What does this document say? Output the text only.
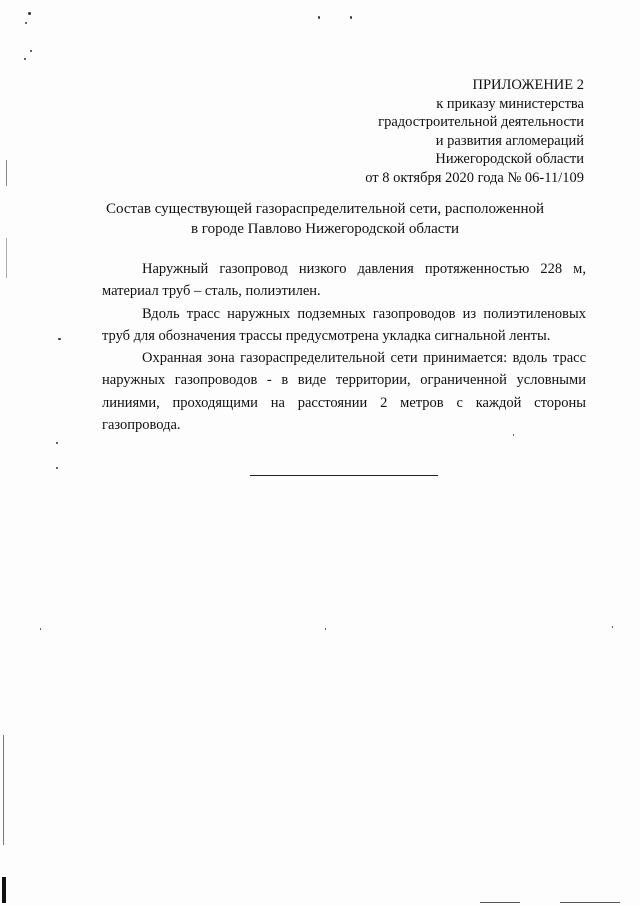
ПРИЛОЖЕНИЕ 2
к приказу министерства
градостроительной деятельности
и развития агломераций
Нижегородской области
от 8 октября 2020 года № 06-11/109
Состав существующей газораспределительной сети, расположенной
в городе Павлово Нижегородской области

Наружный газопровод низкого давления протяженностью 228 м, материал труб – сталь, полиэтилен.

Вдоль трасс наружных подземных газопроводов из полиэтиленовых труб для обозначения трассы предусмотрена укладка сигнальной ленты.

Охранная зона газораспределительной сети принимается: вдоль трасс наружных газопроводов - в виде территории, ограниченной условными линиями, проходящими на расстоянии 2 метров с каждой стороны газопровода.
